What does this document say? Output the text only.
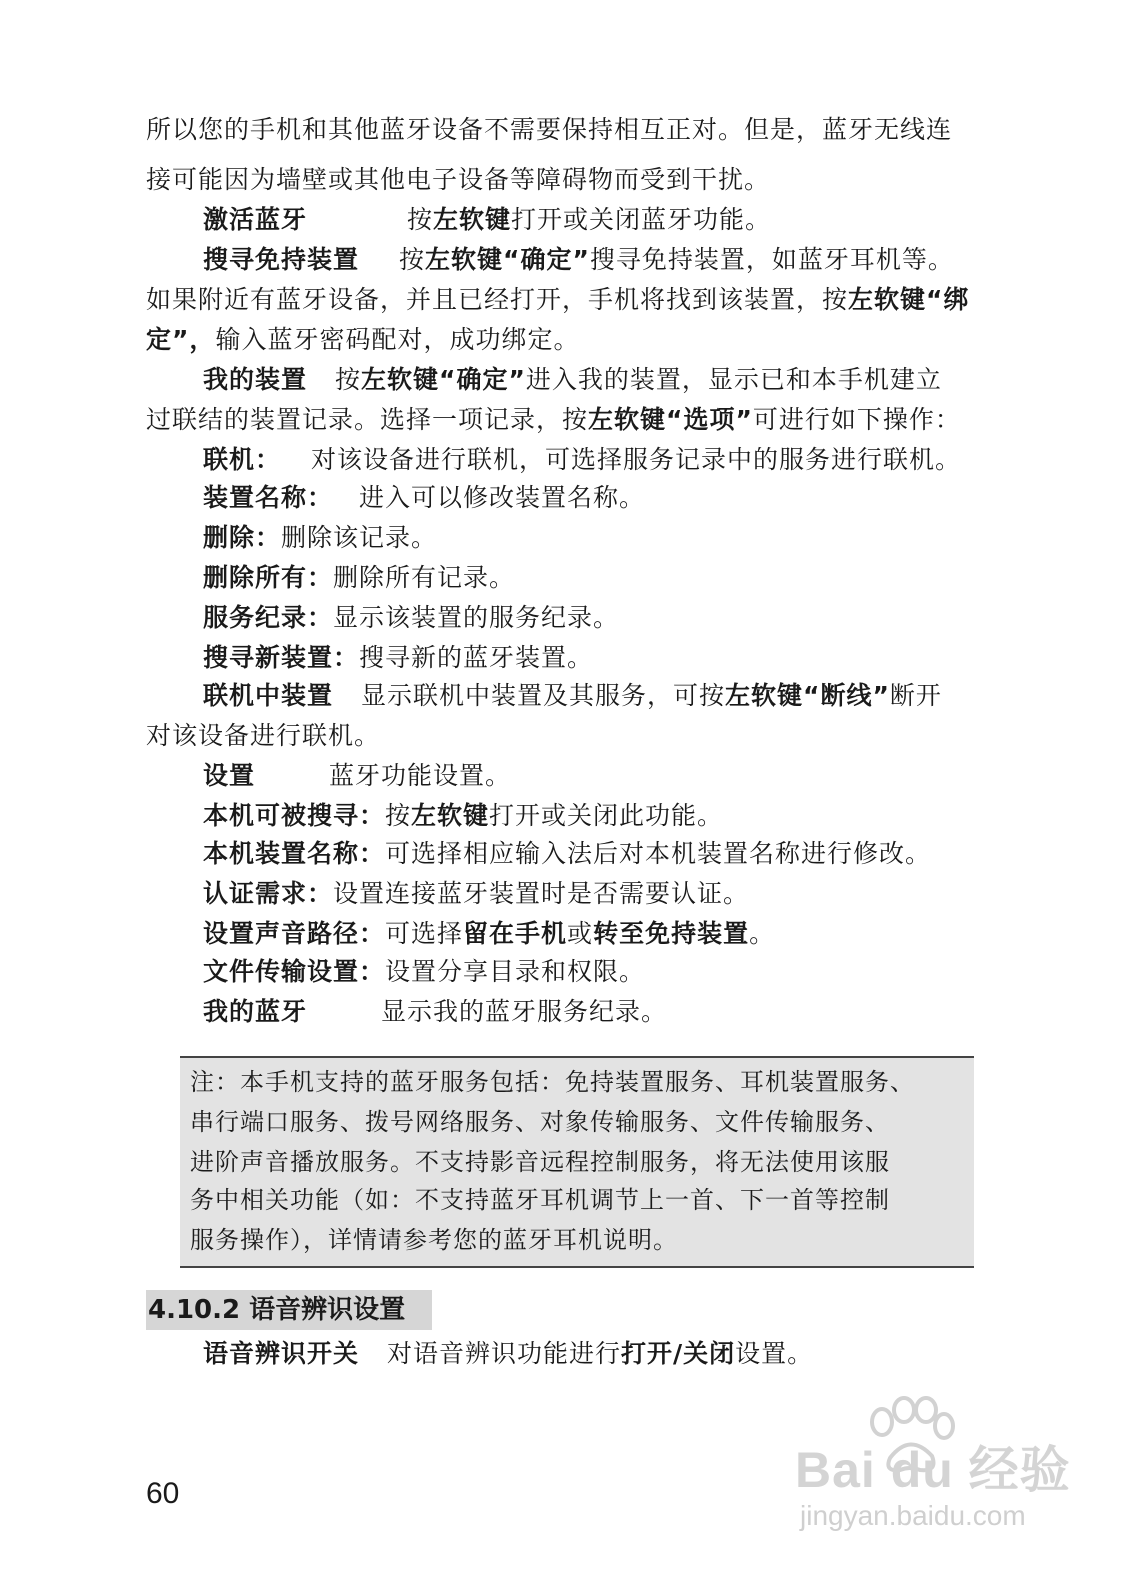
所以您的手机和其他蓝牙设备不需要保持相互正对。但是，蓝牙无线连
接可能因为墙壁或其他电子设备等障碍物而受到干扰。
激活蓝牙	按左软键打开或关闭蓝牙功能。
搜寻免持装置 按左软键“确定”搜寻免持装置，如蓝牙耳机等。
如果附近有蓝牙设备，并且已经打开，手机将找到该装置，按左软键“绑
定”，输入蓝牙密码配对，成功绑定。
我的装置 按左软键“确定”进入我的装置，显示已和本手机建立
过联结的装置记录。选择一项记录，按左软键“选项”可进行如下操作：
联机： 对该设备进行联机，可选择服务记录中的服务进行联机。
装置名称： 进入可以修改装置名称。
删除：删除该记录。
删除所有：删除所有记录。
服务纪录：显示该装置的服务纪录。
搜寻新装置：搜寻新的蓝牙装置。
联机中装置 显示联机中装置及其服务，可按左软键“断线”断开
对该设备进行联机。
设置	蓝牙功能设置。
本机可被搜寻：按左软键打开或关闭此功能。
本机装置名称：可选择相应输入法后对本机装置名称进行修改。
认证需求：设置连接蓝牙装置时是否需要认证。
设置声音路径：可选择留在手机或转至免持装置。
文件传输设置：设置分享目录和权限。
我的蓝牙	显示我的蓝牙服务纪录。
注：本手机支持的蓝牙服务包括：免持装置服务、耳机装置服务、
串行端口服务、拨号网络服务、对象传输服务、文件传输服务、
进阶声音播放服务。不支持影音远程控制服务，将无法使用该服
务中相关功能（如：不支持蓝牙耳机调节上一首、下一首等控制
服务操作），详情请参考您的蓝牙耳机说明。
4.10.2 语音辨识设置
语音辨识开关 对语音辨识功能进行打开/关闭设置。
60	Bai du 经验
jingyan.baidu.com
